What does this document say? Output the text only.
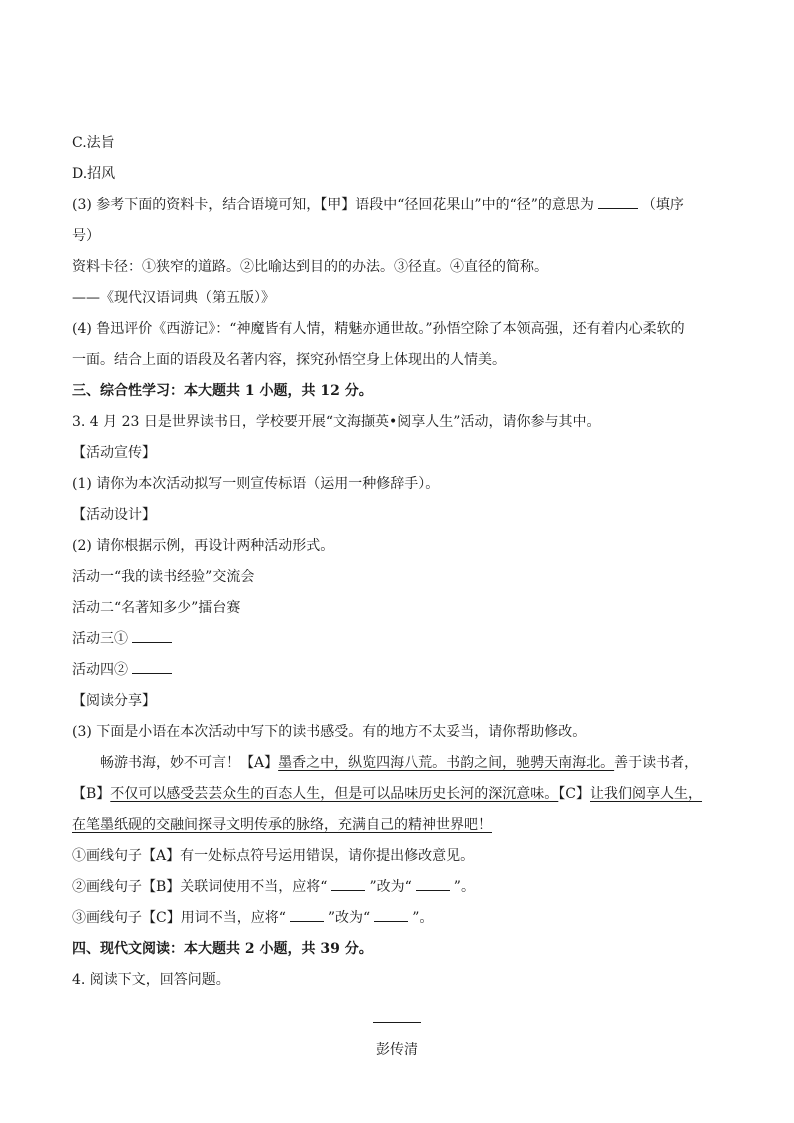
C.法旨
D.招风
(3) 参考下面的资料卡，结合语境可知，【甲】语段中“径回花果山”中的“径”的意思为	（填序
号）
资料卡径：①狭窄的道路。②比喻达到目的的办法。③径直。④直径的简称。
——《现代汉语词典（第五版）》
(4) 鲁迅评价《西游记》：“神魔皆有人情，精魅亦通世故。”孙悟空除了本领高强，还有着内心柔软的
一面。结合上面的语段及名著内容，探究孙悟空身上体现出的人情美。
三、综合性学习：本大题共 1 小题，共 12 分。
3. 4 月 23 日是世界读书日，学校要开展“文海撷英•阅享人生”活动，请你参与其中。
【活动宣传】
(1) 请你为本次活动拟写一则宣传标语（运用一种修辞手）。
【活动设计】
(2) 请你根据示例，再设计两种活动形式。
活动一“我的读书经验”交流会
活动二“名著知多少”擂台赛
活动三①
活动四②
【阅读分享】
(3) 下面是小语在本次活动中写下的读书感受。有的地方不太妥当，请你帮助修改。
畅游书海，妙不可言！【A】墨香之中，纵览四海八荒。书韵之间，驰骋天南海北。善于读书者，
【B】不仅可以感受芸芸众生的百态人生，但是可以品味历史长河的深沉意味。【C】让我们阅享人生，
在笔墨纸砚的交融间探寻文明传承的脉络，充满自己的精神世界吧！
①画线句子【A】有一处标点符号运用错误，请你提出修改意见。
②画线句子【B】关联词使用不当，应将“	”改为“	”。
③画线句子【C】用词不当，应将“	”改为“	”。
四、现代文阅读：本大题共 2 小题，共 39 分。
4. 阅读下文，回答问题。
彭传清
